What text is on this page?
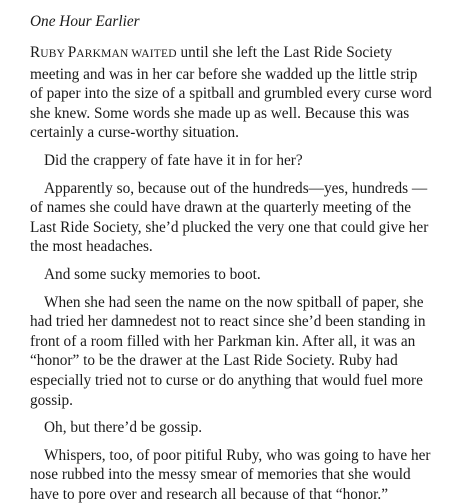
One Hour Earlier

RUBY PARKMAN WAITED until she left the Last Ride Society meeting and was in her car before she wadded up the little strip of paper into the size of a spitball and grumbled every curse word she knew. Some words she made up as well. Because this was certainly a curse-worthy situation.

Did the crappery of fate have it in for her?

Apparently so, because out of the hundreds—yes, hundreds —of names she could have drawn at the quarterly meeting of the Last Ride Society, she’d plucked the very one that could give her the most headaches.

And some sucky memories to boot.

When she had seen the name on the now spitball of paper, she had tried her damnedest not to react since she’d been standing in front of a room filled with her Parkman kin. After all, it was an “honor” to be the drawer at the Last Ride Society. Ruby had especially tried not to curse or do anything that would fuel more gossip.

Oh, but there’d be gossip.

Whispers, too, of poor pitiful Ruby, who was going to have her nose rubbed into the messy smear of memories that she would have to pore over and research all because of that “honor.”
